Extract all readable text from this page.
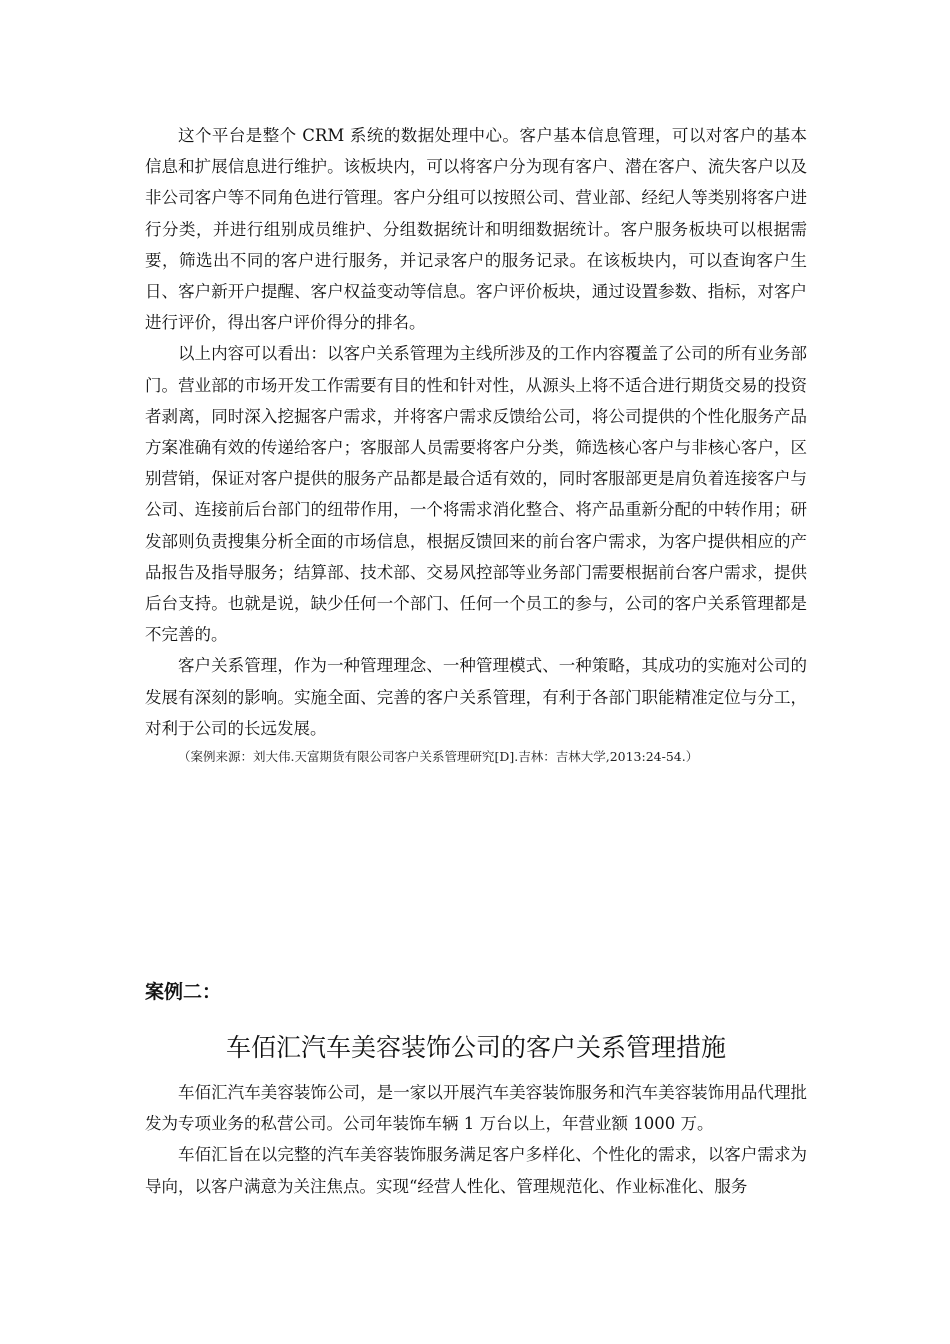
这个平台是整个 CRM 系统的数据处理中心。客户基本信息管理，可以对客户的基本信息和扩展信息进行维护。该板块内，可以将客户分为现有客户、潜在客户、流失客户以及非公司客户等不同角色进行管理。客户分组可以按照公司、营业部、经纪人等类别将客户进行分类，并进行组别成员维护、分组数据统计和明细数据统计。客户服务板块可以根据需要，筛选出不同的客户进行服务，并记录客户的服务记录。在该板块内，可以查询客户生日、客户新开户提醒、客户权益变动等信息。客户评价板块，通过设置参数、指标，对客户进行评价，得出客户评价得分的排名。

以上内容可以看出：以客户关系管理为主线所涉及的工作内容覆盖了公司的所有业务部门。营业部的市场开发工作需要有目的性和针对性，从源头上将不适合进行期货交易的投资者剥离，同时深入挖掘客户需求，并将客户需求反馈给公司，将公司提供的个性化服务产品方案准确有效的传递给客户；客服部人员需要将客户分类，筛选核心客户与非核心客户，区别营销，保证对客户提供的服务产品都是最合适有效的，同时客服部更是肩负着连接客户与公司、连接前后台部门的纽带作用，一个将需求消化整合、将产品重新分配的中转作用；研发部则负责搜集分析全面的市场信息，根据反馈回来的前台客户需求，为客户提供相应的产品报告及指导服务；结算部、技术部、交易风控部等业务部门需要根据前台客户需求，提供后台支持。也就是说，缺少任何一个部门、任何一个员工的参与，公司的客户关系管理都是不完善的。

客户关系管理，作为一种管理理念、一种管理模式、一种策略，其成功的实施对公司的发展有深刻的影响。实施全面、完善的客户关系管理，有利于各部门职能精准定位与分工，对利于公司的长远发展。

（案例来源：刘大伟.天富期货有限公司客户关系管理研究[D].吉林：吉林大学,2013:24-54.）

案例二：
车佰汇汽车美容装饰公司的客户关系管理措施

车佰汇汽车美容装饰公司，是一家以开展汽车美容装饰服务和汽车美容装饰用品代理批发为专项业务的私营公司。公司年装饰车辆 1 万台以上，年营业额 1000 万。

车佰汇旨在以完整的汽车美容装饰服务满足客户多样化、个性化的需求，以客户需求为导向，以客户满意为关注焦点。实现“经营人性化、管理规范化、作业标准化、服务
